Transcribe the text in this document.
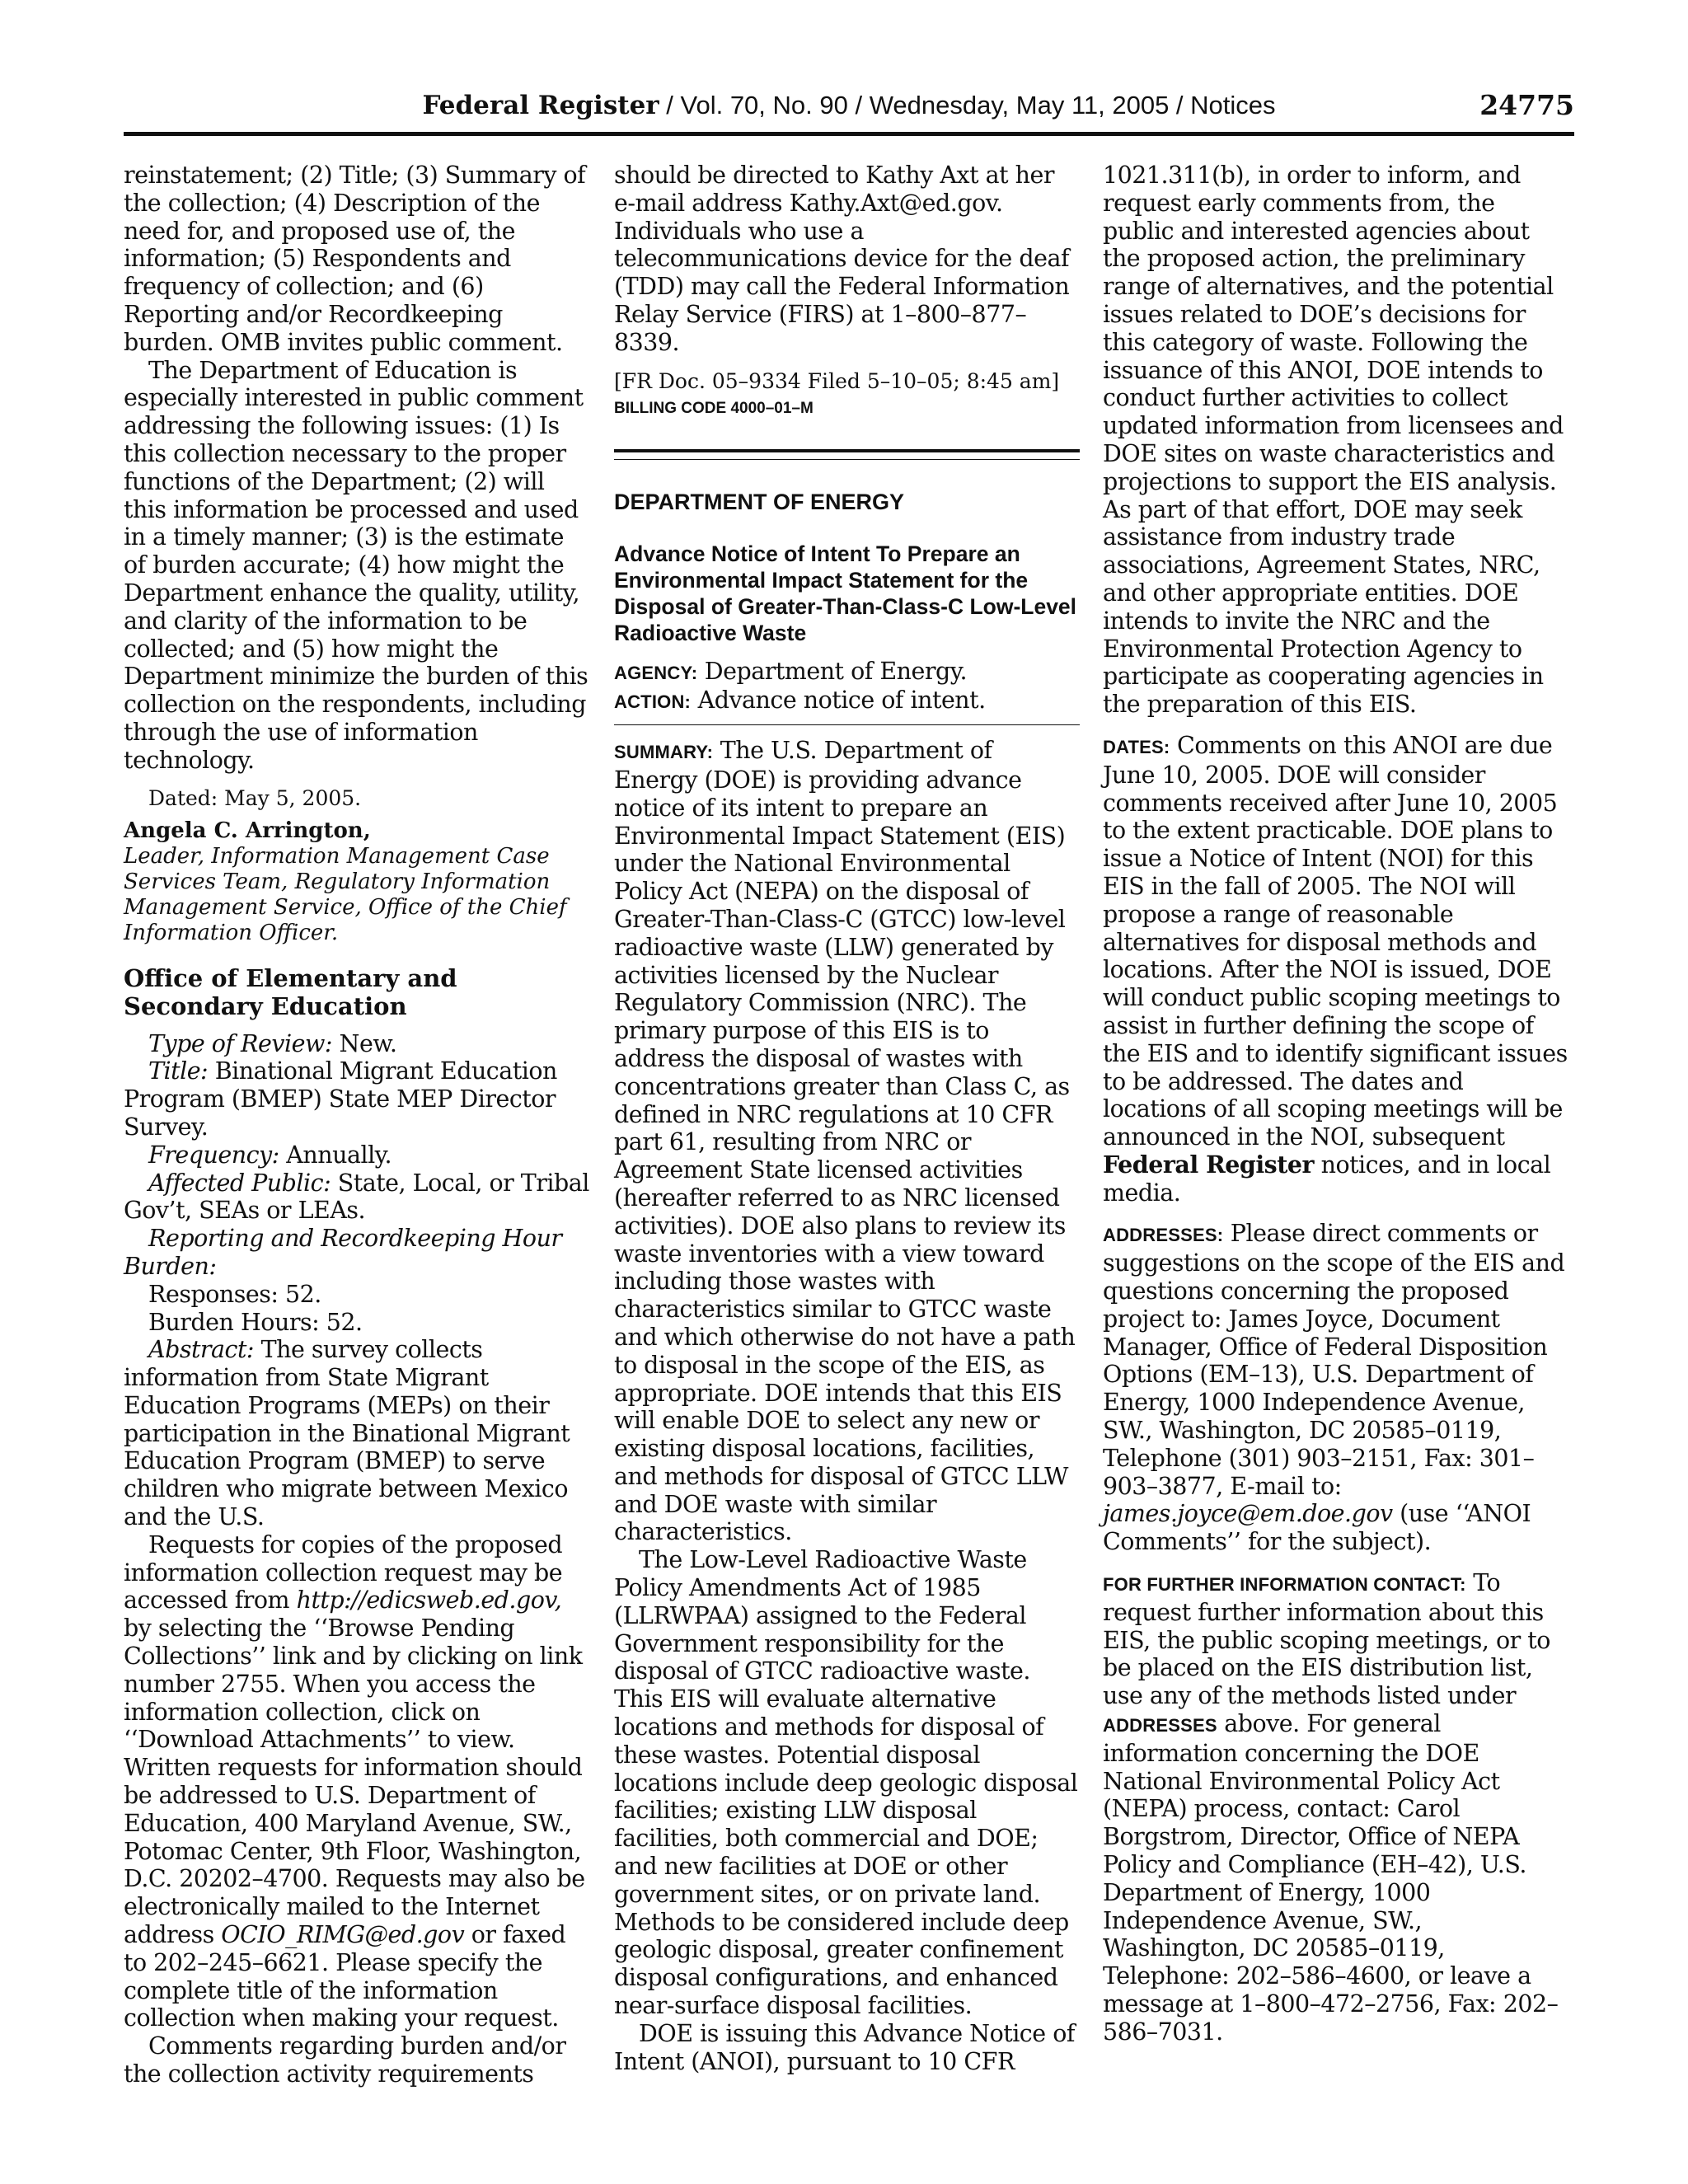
Federal Register / Vol. 70, No. 90 / Wednesday, May 11, 2005 / Notices	24775

reinstatement; (2) Title; (3) Summary of the collection; (4) Description of the need for, and proposed use of, the information; (5) Respondents and frequency of collection; and (6) Reporting and/or Recordkeeping burden. OMB invites public comment.

The Department of Education is especially interested in public comment addressing the following issues: (1) Is this collection necessary to the proper functions of the Department; (2) will this information be processed and used in a timely manner; (3) is the estimate of burden accurate; (4) how might the Department enhance the quality, utility, and clarity of the information to be collected; and (5) how might the Department minimize the burden of this collection on the respondents, including through the use of information technology.

Dated: May 5, 2005.

Angela C. Arrington,

Leader, Information Management Case Services Team, Regulatory Information Management Service, Office of the Chief Information Officer.

Office of Elementary and Secondary Education

Type of Review: New.

Title: Binational Migrant Education Program (BMEP) State MEP Director Survey.

Frequency: Annually.

Affected Public: State, Local, or Tribal Gov’t, SEAs or LEAs.

Reporting and Recordkeeping Hour Burden:

Responses: 52.

Burden Hours: 52.

Abstract: The survey collects information from State Migrant Education Programs (MEPs) on their participation in the Binational Migrant Education Program (BMEP) to serve children who migrate between Mexico and the U.S.

Requests for copies of the proposed information collection request may be accessed from http://edicsweb.ed.gov, by selecting the ‘‘Browse Pending Collections’’ link and by clicking on link number 2755. When you access the information collection, click on ‘‘Download Attachments’’ to view. Written requests for information should be addressed to U.S. Department of Education, 400 Maryland Avenue, SW., Potomac Center, 9th Floor, Washington, D.C. 20202–4700. Requests may also be electronically mailed to the Internet address OCIO_RIMG@ed.gov or faxed to 202–245–6621. Please specify the complete title of the information collection when making your request.

Comments regarding burden and/or the collection activity requirements

should be directed to Kathy Axt at her e-mail address Kathy.Axt@ed.gov. Individuals who use a telecommunications device for the deaf (TDD) may call the Federal Information Relay Service (FIRS) at 1–800–877–8339.

[FR Doc. 05–9334 Filed 5–10–05; 8:45 am]

BILLING CODE 4000–01–M

DEPARTMENT OF ENERGY

Advance Notice of Intent To Prepare an Environmental Impact Statement for the Disposal of Greater-Than-Class-C Low-Level Radioactive Waste

AGENCY: Department of Energy.

ACTION: Advance notice of intent.

SUMMARY: The U.S. Department of Energy (DOE) is providing advance notice of its intent to prepare an Environmental Impact Statement (EIS) under the National Environmental Policy Act (NEPA) on the disposal of Greater-Than-Class-C (GTCC) low-level radioactive waste (LLW) generated by activities licensed by the Nuclear Regulatory Commission (NRC). The primary purpose of this EIS is to address the disposal of wastes with concentrations greater than Class C, as defined in NRC regulations at 10 CFR part 61, resulting from NRC or Agreement State licensed activities (hereafter referred to as NRC licensed activities). DOE also plans to review its waste inventories with a view toward including those wastes with characteristics similar to GTCC waste and which otherwise do not have a path to disposal in the scope of the EIS, as appropriate. DOE intends that this EIS will enable DOE to select any new or existing disposal locations, facilities, and methods for disposal of GTCC LLW and DOE waste with similar characteristics.

The Low-Level Radioactive Waste Policy Amendments Act of 1985 (LLRWPAA) assigned to the Federal Government responsibility for the disposal of GTCC radioactive waste. This EIS will evaluate alternative locations and methods for disposal of these wastes. Potential disposal locations include deep geologic disposal facilities; existing LLW disposal facilities, both commercial and DOE; and new facilities at DOE or other government sites, or on private land. Methods to be considered include deep geologic disposal, greater confinement disposal configurations, and enhanced near-surface disposal facilities.

DOE is issuing this Advance Notice of Intent (ANOI), pursuant to 10 CFR

1021.311(b), in order to inform, and request early comments from, the public and interested agencies about the proposed action, the preliminary range of alternatives, and the potential issues related to DOE’s decisions for this category of waste. Following the issuance of this ANOI, DOE intends to conduct further activities to collect updated information from licensees and DOE sites on waste characteristics and projections to support the EIS analysis. As part of that effort, DOE may seek assistance from industry trade associations, Agreement States, NRC, and other appropriate entities. DOE intends to invite the NRC and the Environmental Protection Agency to participate as cooperating agencies in the preparation of this EIS.

DATES: Comments on this ANOI are due June 10, 2005. DOE will consider comments received after June 10, 2005 to the extent practicable. DOE plans to issue a Notice of Intent (NOI) for this EIS in the fall of 2005. The NOI will propose a range of reasonable alternatives for disposal methods and locations. After the NOI is issued, DOE will conduct public scoping meetings to assist in further defining the scope of the EIS and to identify significant issues to be addressed. The dates and locations of all scoping meetings will be announced in the NOI, subsequent Federal Register notices, and in local media.

ADDRESSES: Please direct comments or suggestions on the scope of the EIS and questions concerning the proposed project to: James Joyce, Document Manager, Office of Federal Disposition Options (EM–13), U.S. Department of Energy, 1000 Independence Avenue, SW., Washington, DC 20585–0119, Telephone (301) 903–2151, Fax: 301–903–3877, E-mail to: james.joyce@em.doe.gov (use ‘‘ANOI Comments’’ for the subject).

FOR FURTHER INFORMATION CONTACT: To request further information about this EIS, the public scoping meetings, or to be placed on the EIS distribution list, use any of the methods listed under ADDRESSES above. For general information concerning the DOE National Environmental Policy Act (NEPA) process, contact: Carol Borgstrom, Director, Office of NEPA Policy and Compliance (EH–42), U.S. Department of Energy, 1000 Independence Avenue, SW., Washington, DC 20585–0119, Telephone: 202–586–4600, or leave a message at 1–800–472–2756, Fax: 202–586–7031.
